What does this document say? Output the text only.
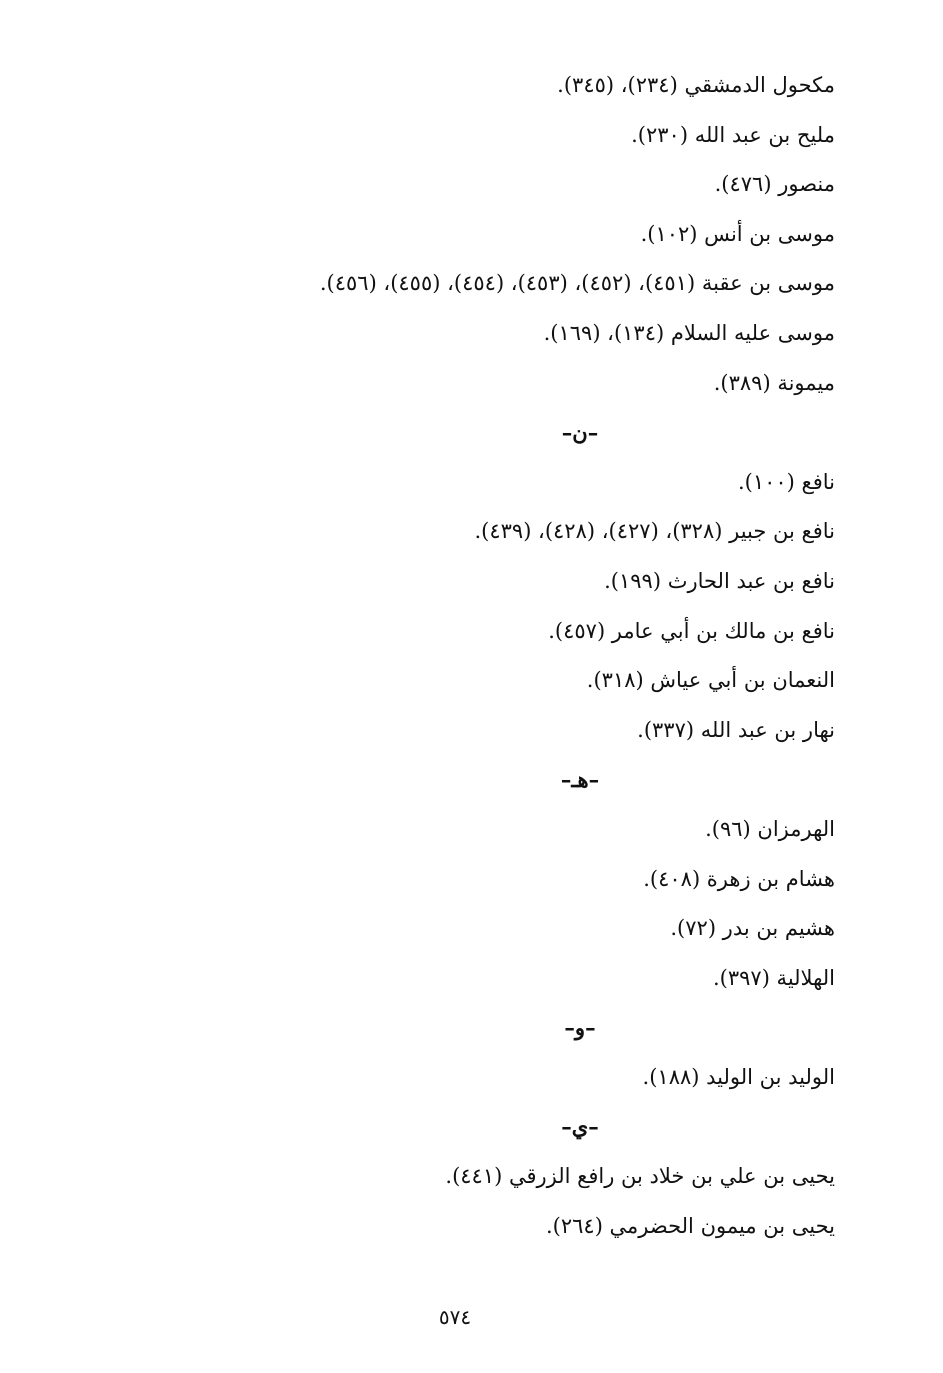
مكحول الدمشقي (٢٣٤)، (٣٤٥).
مليح بن عبد الله (٢٣٠).
منصور (٤٧٦).
موسى بن أنس (١٠٢).
موسى بن عقبة (٤٥١)، (٤٥٢)، (٤٥٣)، (٤٥٤)، (٤٥٥)، (٤٥٦).
موسى عليه السلام (١٣٤)، (١٦٩).
ميمونة (٣٨٩).
–ن–
نافع (١٠٠).
نافع بن جبير (٣٢٨)، (٤٢٧)، (٤٢٨)، (٤٣٩).
نافع بن عبد الحارث (١٩٩).
نافع بن مالك بن أبي عامر (٤٥٧).
النعمان بن أبي عياش (٣١٨).
نهار بن عبد الله (٣٣٧).
–هـ–
الهرمزان (٩٦).
هشام بن زهرة (٤٠٨).
هشيم بن بدر (٧٢).
الهلالية (٣٩٧).
–و–
الوليد بن الوليد (١٨٨).
–ي–
يحيى بن علي بن خلاد بن رافع الزرقي (٤٤١).
يحيى بن ميمون الحضرمي (٢٦٤).
٥٧٤
